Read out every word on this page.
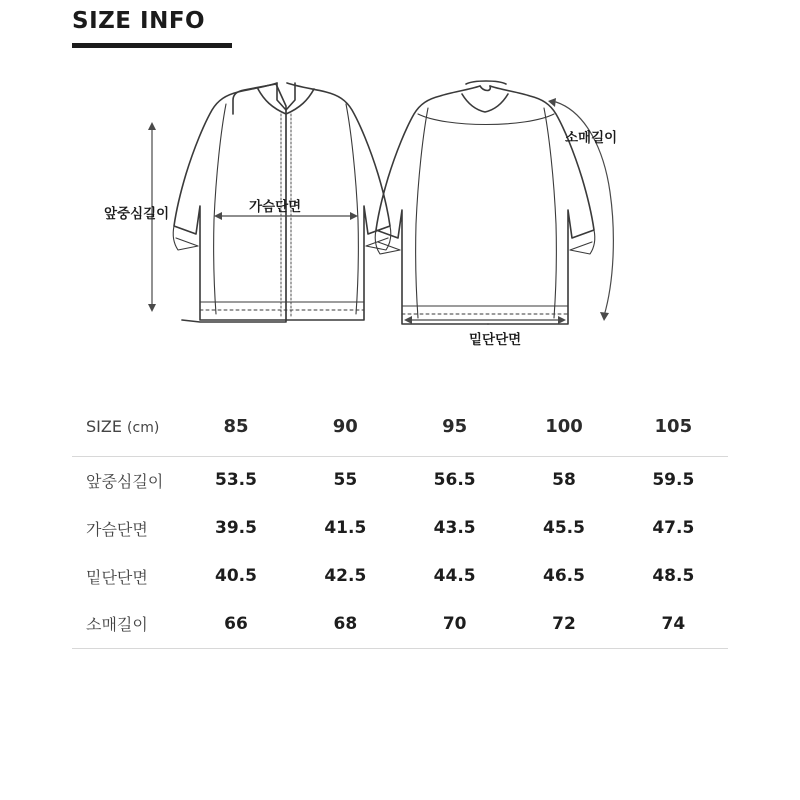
SIZE INFO
앞중심길이	가슴단면
밑단단면
소매길이
SIZE (cm)	85	90	95	100	105
앞중심길이	53.5	55	56.5	58	59.5
가슴단면	39.5	41.5	43.5	45.5	47.5
밑단단면	40.5	42.5	44.5	46.5	48.5
소매길이	66	68	70	72	74
